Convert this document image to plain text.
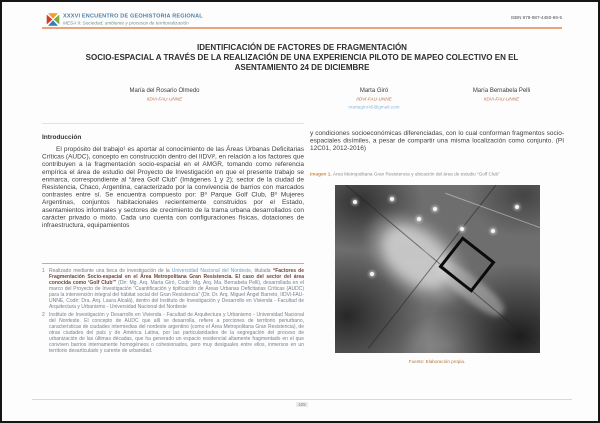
XXXVI ENCUENTRO DE GEOHISTORIA REGIONAL
MESA 9: Sociedad, ambiente y procesos de territorialización
ISBN 978-987-4450-69-5
IDENTIFICACIÓN DE FACTORES DE FRAGMENTACIÓN
SOCIO-ESPACIAL A TRAVÉS DE LA REALIZACIÓN DE UNA EXPERIENCIA PILOTO DE MAPEO COLECTIVO EN EL
ASENTAMIENTO 24 DE DICIEMBRE
María del Rosario Olmedo
IIDVi-FAU-UNNE
Marta Giró
IIDVi-FAU-UNNE
martagiro45@gmail.com
María Bernabela Pelli
IIDVi-FAU-UNNE
Introducción
El propósito del trabajo¹ es aportar al conocimiento de las Áreas Urbanas Deficitarias Críticas (AUDC), concepto en construcción dentro del IIDVi², en relación a los factores que contribuyen a la fragmentación socio-espacial en el AMGR, tomando como referencia empírica el área de estudio del Proyecto de Investigación en que el presente trabajo se enmarca, correspondiente al “área Golf Club” (Imágenes 1 y 2); sector de la ciudad de Resistencia, Chaco, Argentina, caracterizado por la convivencia de barrios con marcados contrastes entre sí. Se encuentra compuesto por: Bº Parque Golf Club, Bº Mujeres Argentinas, conjuntos habitacionales recientemente construidos por el Estado, asentamientos informales y sectores de crecimiento de la trama urbana desarrollados con carácter privado o mixto. Cada uno cuenta con configuraciones físicas, dotaciones de infraestructura, equipamientos
1 Realizado mediante una beca de investigación de la Universidad Nacional del Nordeste, titulada “Factores de Fragmentación Socio-espacial en el Área Metropolitana Gran Resistencia. El caso del sector del área conocida como ‘Golf Club’” (Dir: Mg. Arq. Marta Giró, Codir: Mg. Arq. Ma. Bernabela Pelli), desarrollada en el marco del Proyecto de Investigación “Cuantificación y tipificación de Áreas Urbanas Deficitarias Críticas (AUDC) para la intervención integral del hábitat social del Gran Resistencia” (Dir. Dr. Arq. Miguel Ángel Barreto, IIDVi-FAU-UNNE, Codir: Dra. Arq. Laura Alcalá), dentro del Instituto de Investigación y Desarrollo en Vivienda - Facultad de Arquitectura y Urbanismo - Universidad Nacional del Nordeste
2 Instituto de Investigación y Desarrollo en Vivienda - Facultad de Arquitectura y Urbanismo - Universidad Nacional del Nordeste. El concepto de AUDC que allí se desarrolla, refiere a porciones de territorio periurbano, características de ciudades intermedias del nordeste argentino (como el Área Metropolitana Gran Resistencia), de otras ciudades del país y de América Latina, por las particularidades de la segregación del proceso de urbanización de las últimas décadas, que ha generado un espacio residencial altamente fragmentado en el que conviven barrios internamente homogéneos o cohesionados, pero muy desiguales entre ellos, inmersos en un territorio desarticulado y carente de urbanidad.
y condiciones socioeconómicas diferenciadas, con lo cual conforman fragmentos socio-espaciales disímiles, a pesar de compartir una misma localización como conjunto. (PI 12C01, 2012-2016)
Imagen 1. Área Metropolitana Gran Resistencia y ubicación del área de estudio “Golf Club”
Fuente: Elaboración propia.
425
